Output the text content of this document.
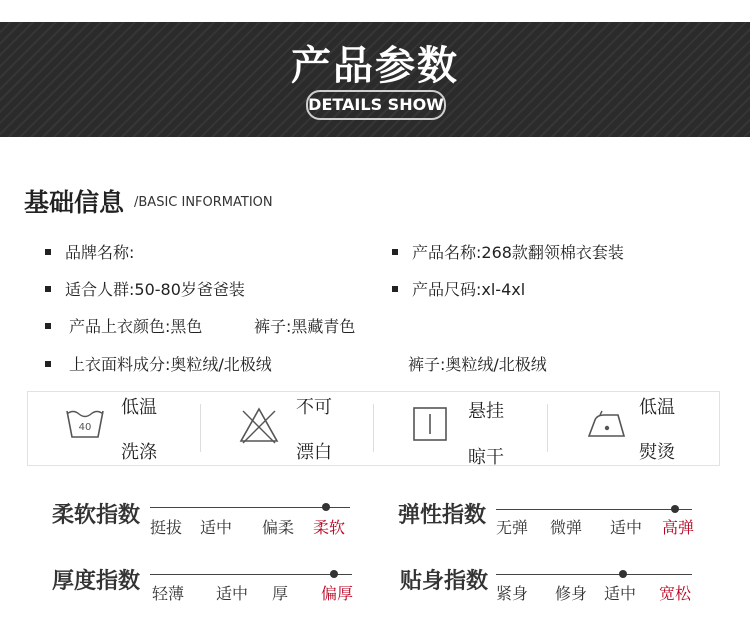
产品参数
DETAILS SHOW
基础信息 /BASIC INFORMATION
品牌名称:	产品名称:268款翻领棉衣套装
适合人群:50-80岁爸爸装	产品尺码:xl-4xl
产品上衣颜色:黑色	裤子:黑藏青色
上衣面料成分:奥粒绒/北极绒	裤子:奥粒绒/北极绒
40
低温
洗涤
不可
漂白
悬挂
晾干
低温
熨烫
柔软指数 挺拔 适中 偏柔 柔软 弹性指数 无弹 微弹 适中 高弹
厚度指数 轻薄 适中 厚 偏厚 贴身指数 紧身 修身 适中 宽松
